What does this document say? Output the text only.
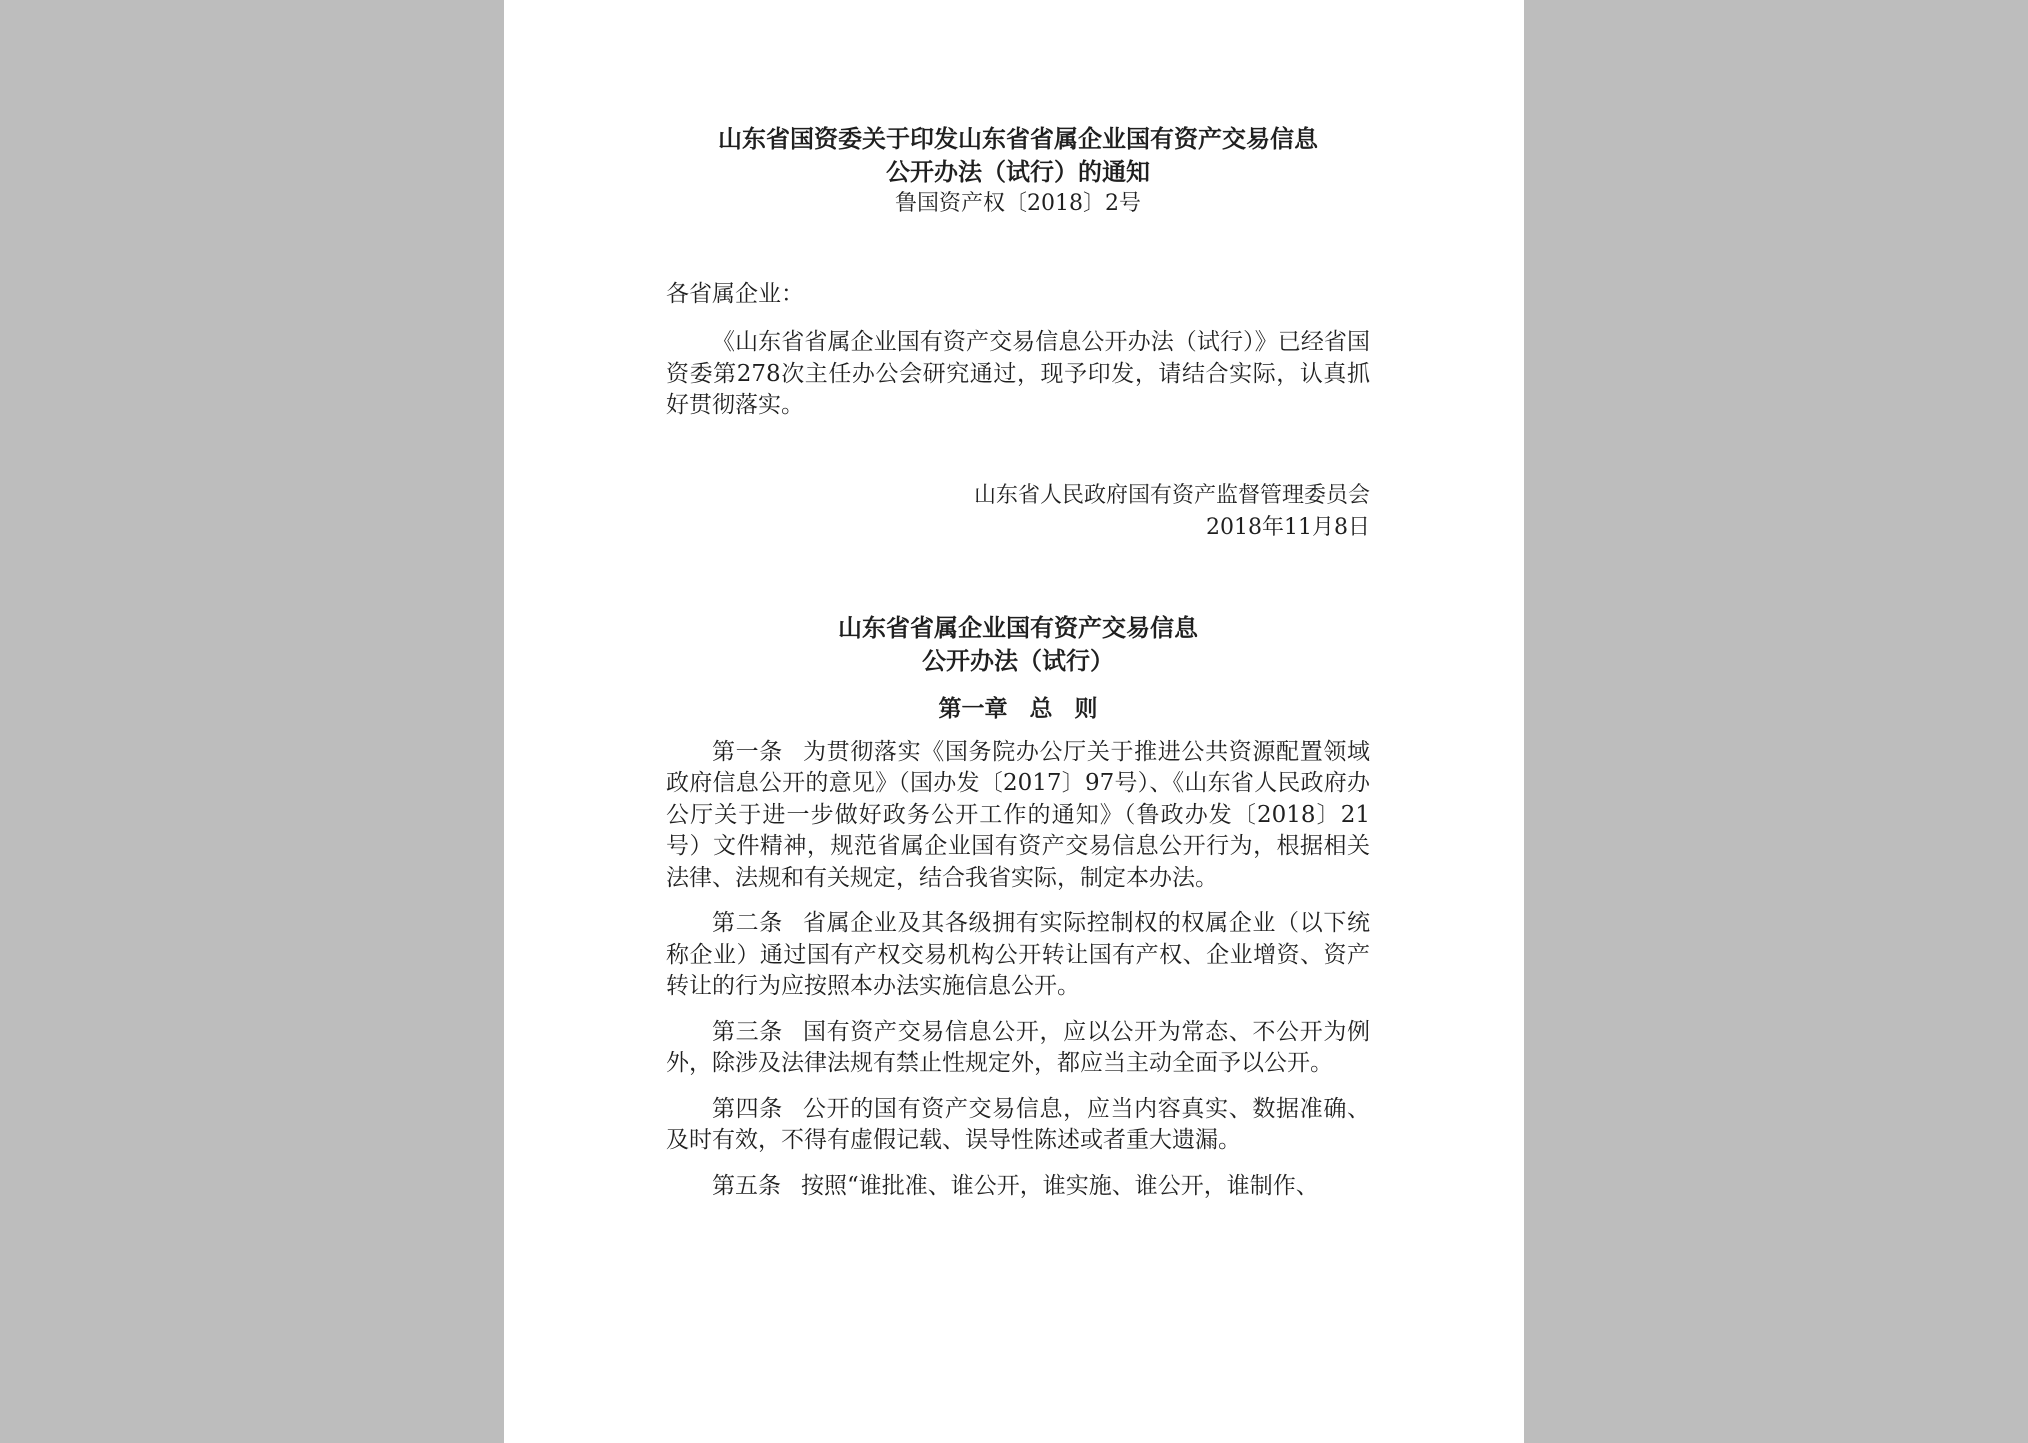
山东省国资委关于印发山东省省属企业国有资产交易信息
公开办法（试行）的通知
鲁国资产权〔2018〕2号
各省属企业：

《山东省省属企业国有资产交易信息公开办法（试行）》已经省国资委第278次主任办公会研究通过，现予印发，请结合实际，认真抓好贯彻落实。

山东省人民政府国有资产监督管理委员会
2018年11月8日
山东省省属企业国有资产交易信息
公开办法（试行）
第一章 总 则

第一条 为贯彻落实《国务院办公厅关于推进公共资源配置领域政府信息公开的意见》（国办发〔2017〕97号）、《山东省人民政府办公厅关于进一步做好政务公开工作的通知》（鲁政办发〔2018〕21号）文件精神，规范省属企业国有资产交易信息公开行为，根据相关法律、法规和有关规定，结合我省实际，制定本办法。

第二条 省属企业及其各级拥有实际控制权的权属企业（以下统称企业）通过国有产权交易机构公开转让国有产权、企业增资、资产转让的行为应按照本办法实施信息公开。

第三条 国有资产交易信息公开，应以公开为常态、不公开为例外，除涉及法律法规有禁止性规定外，都应当主动全面予以公开。

第四条 公开的国有资产交易信息，应当内容真实、数据准确、及时有效，不得有虚假记载、误导性陈述或者重大遗漏。

第五条 按照“谁批准、谁公开，谁实施、谁公开，谁制作、
